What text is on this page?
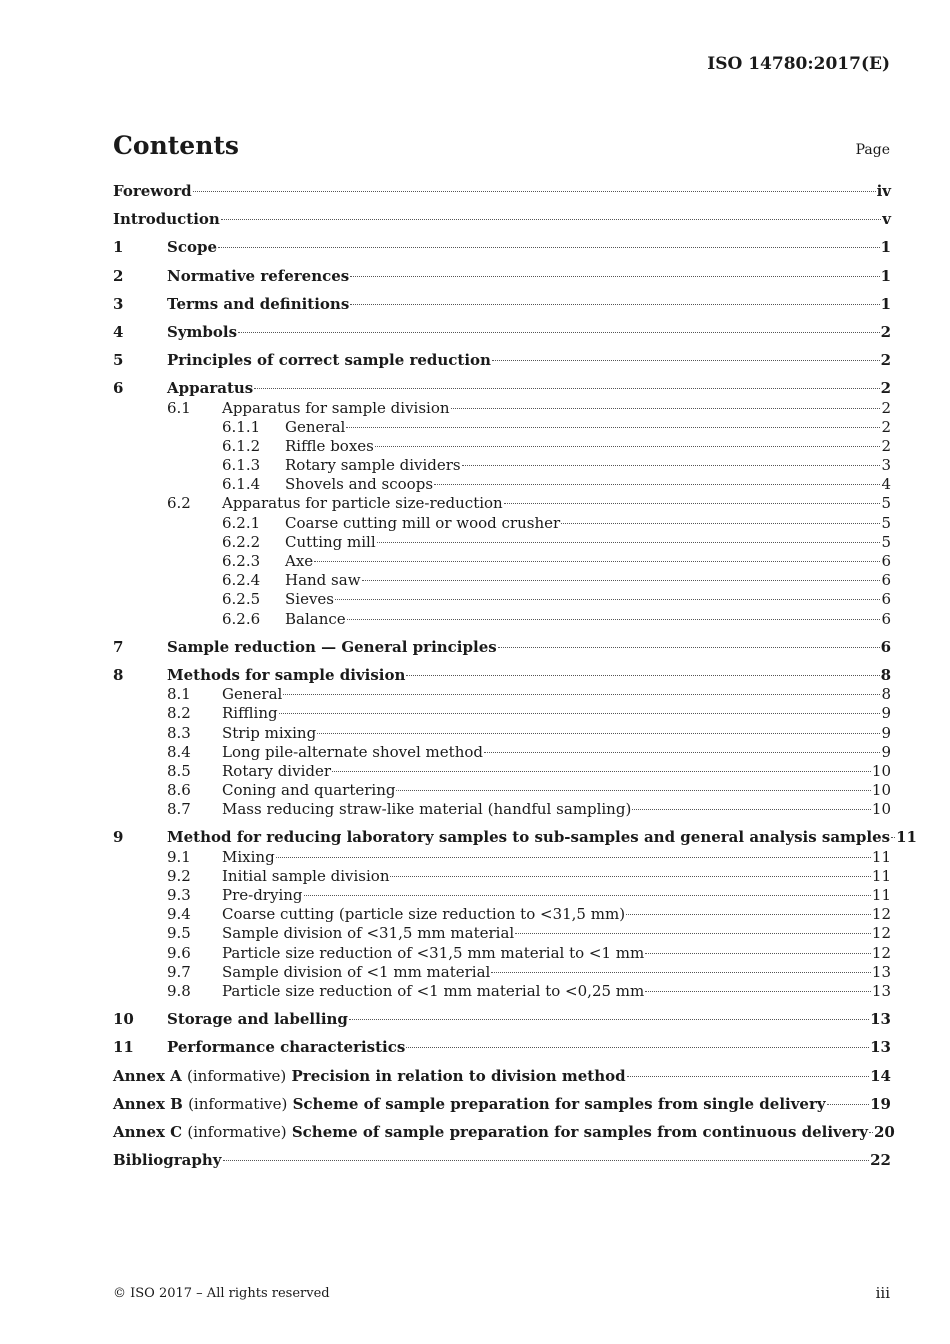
ISO 14780:2017(E)
Contents	Page
Foreword	iv
Introduction	v
1	Scope	1
2	Normative references	1
3	Terms and definitions	1
4	Symbols	2
5	Principles of correct sample reduction	2
6	Apparatus	2
6.1	Apparatus for sample division	2
6.1.1	General	2
6.1.2	Riffle boxes	2
6.1.3	Rotary sample dividers	3
6.1.4	Shovels and scoops	4
6.2	Apparatus for particle size-reduction	5
6.2.1	Coarse cutting mill or wood crusher	5
6.2.2	Cutting mill	5
6.2.3	Axe	6
6.2.4	Hand saw	6
6.2.5	Sieves	6
6.2.6	Balance	6
7	Sample reduction — General principles	6
8	Methods for sample division	8
8.1	General	8
8.2	Riffling	9
8.3	Strip mixing	9
8.4	Long pile-alternate shovel method	9
8.5	Rotary divider	10
8.6	Coning and quartering	10
8.7	Mass reducing straw-like material (handful sampling)	10
9	Method for reducing laboratory samples to sub-samples and general analysis samples 11
9.1	Mixing	11
9.2	Initial sample division	11
9.3	Pre-drying	11
9.4	Coarse cutting (particle size reduction to <31,5 mm)	12
9.5	Sample division of <31,5 mm material	12
9.6	Particle size reduction of <31,5 mm material to <1 mm	12
9.7	Sample division of <1 mm material	13
9.8	Particle size reduction of <1 mm material to <0,25 mm	13
10	Storage and labelling	13
11	Performance characteristics	13
Annex A (informative) Precision in relation to division method	14
Annex B (informative) Scheme of sample preparation for samples from single delivery	19
Annex C (informative) Scheme of sample preparation for samples from continuous delivery 20
Bibliography	22
© ISO 2017 – All rights reserved	iii
